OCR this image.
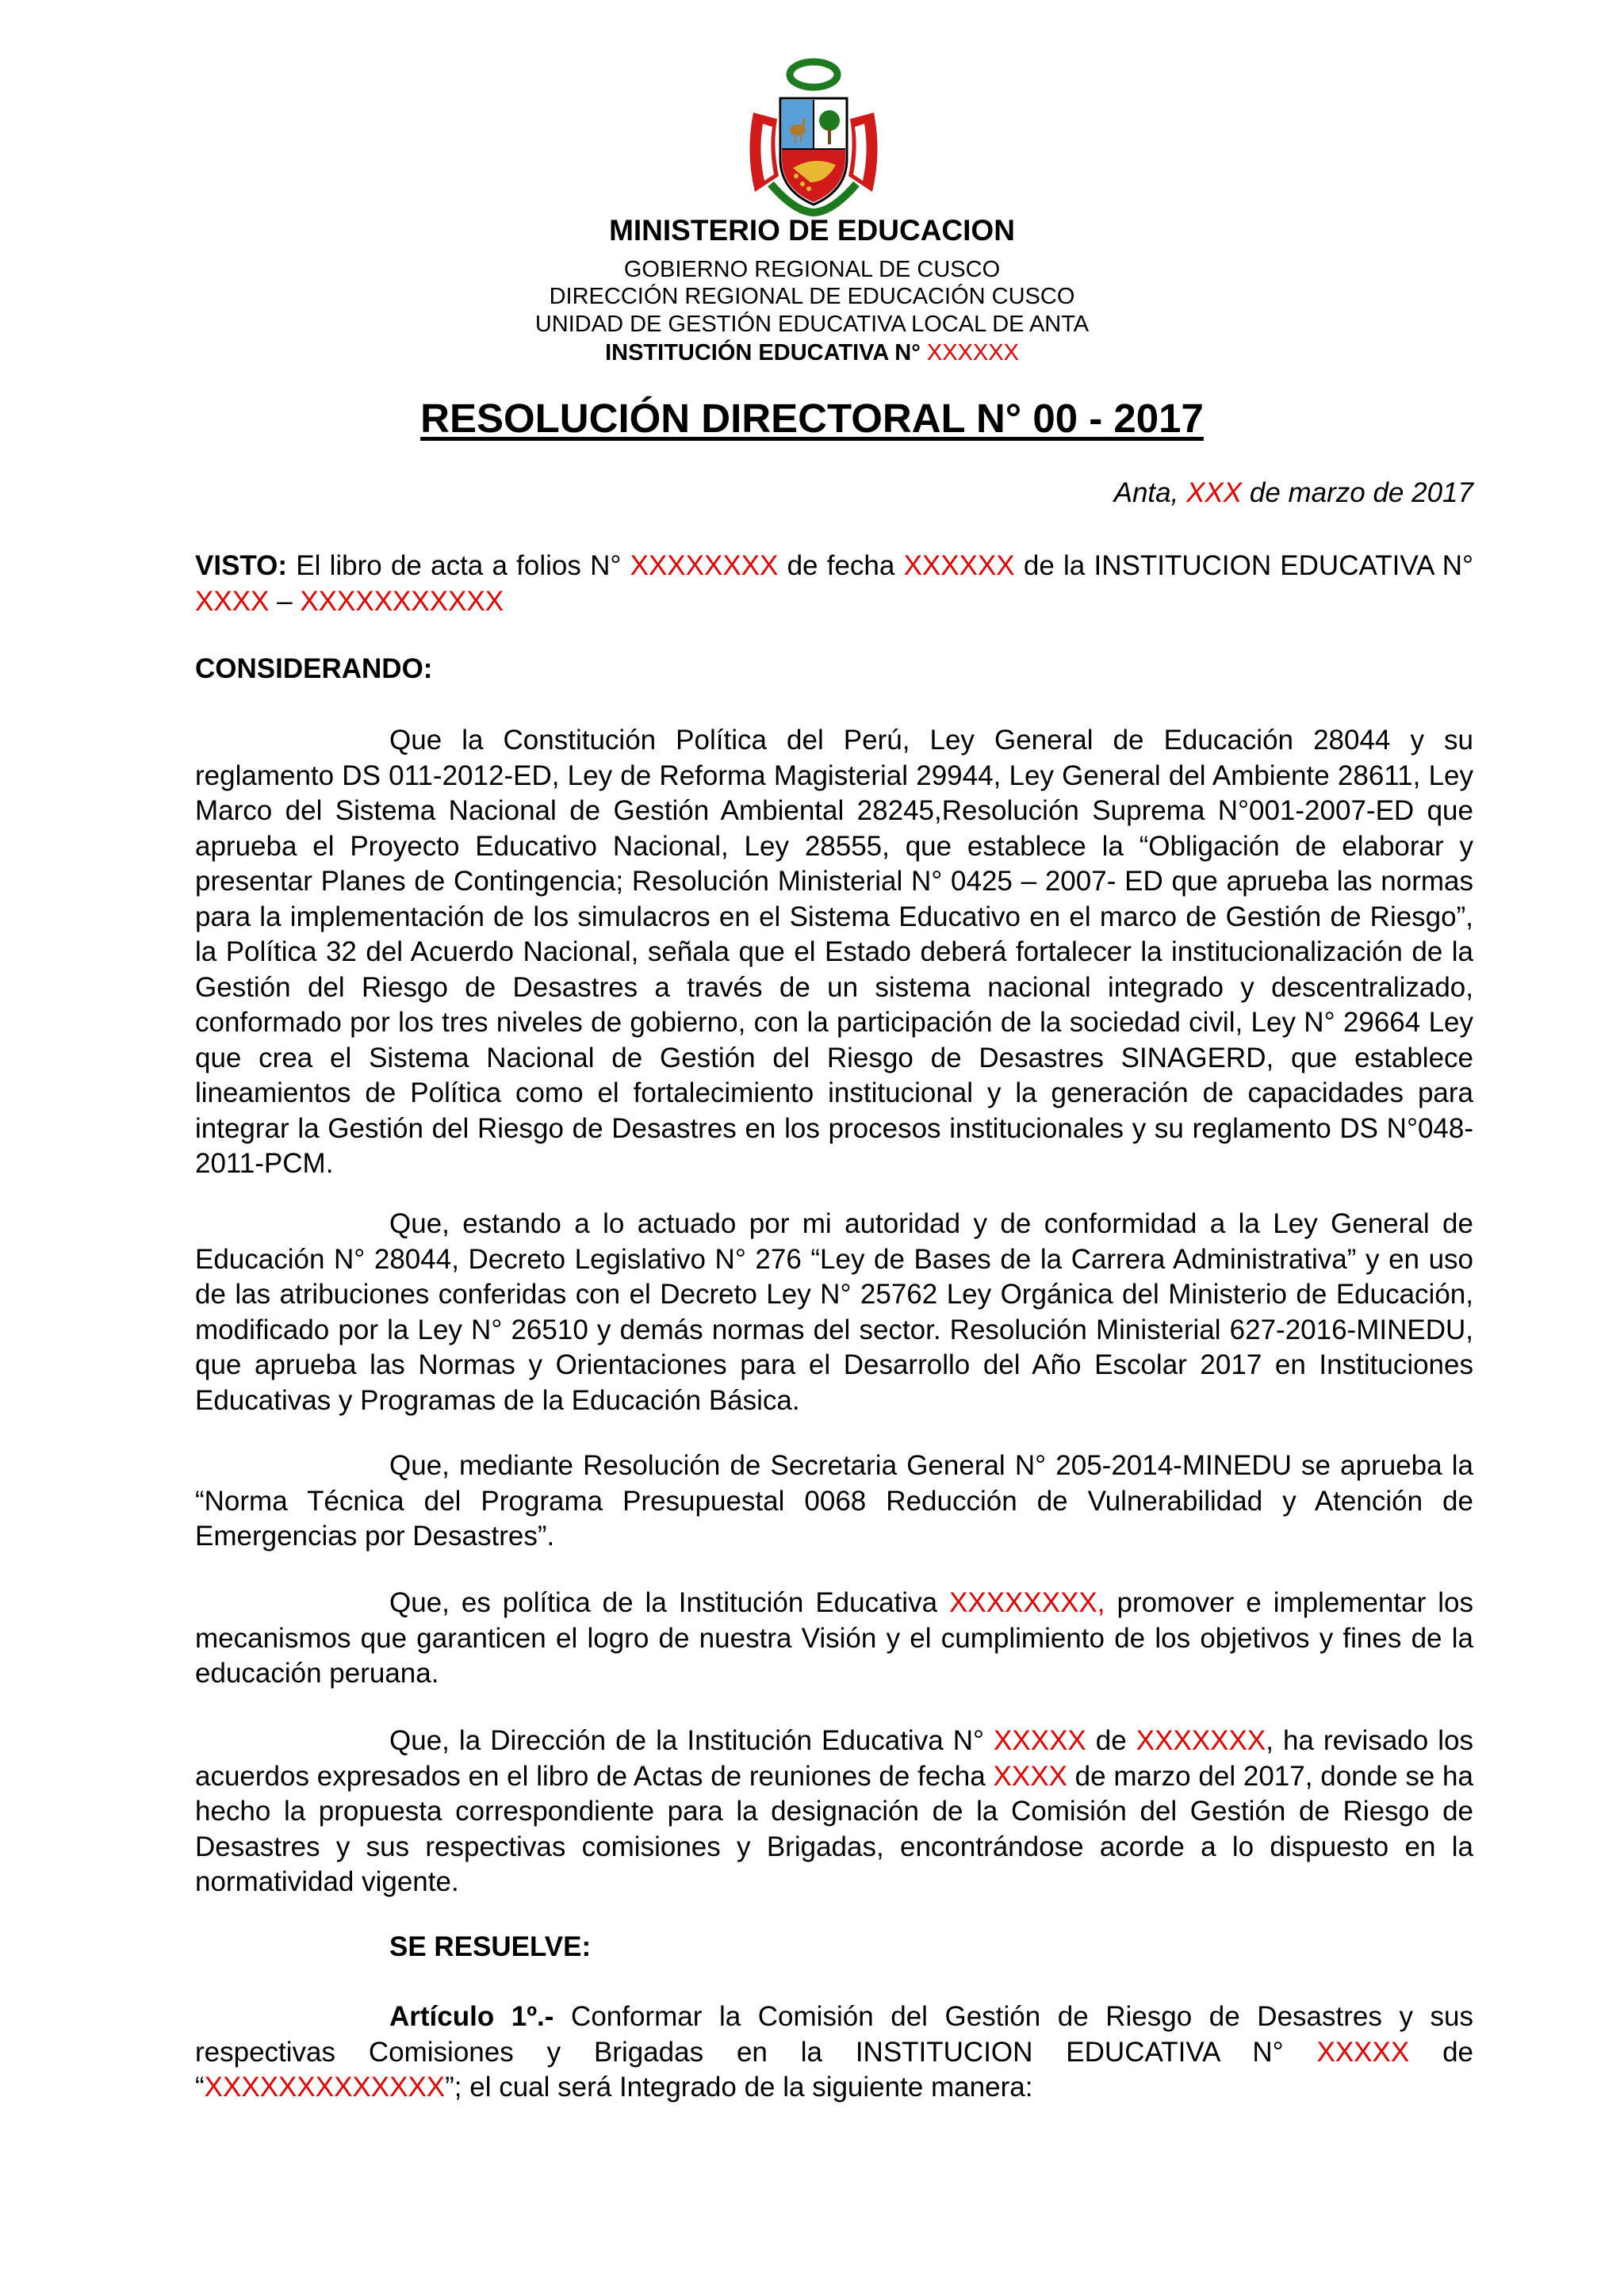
MINISTERIO DE EDUCACION
GOBIERNO REGIONAL DE CUSCO
DIRECCIÓN REGIONAL DE EDUCACIÓN CUSCO
UNIDAD DE GESTIÓN EDUCATIVA LOCAL DE ANTA
INSTITUCIÓN EDUCATIVA N° XXXXXX
RESOLUCIÓN DIRECTORAL N° 00 - 2017
Anta, XXX de marzo de 2017

VISTO: El libro de acta a folios N° XXXXXXXX de fecha XXXXXX de la INSTITUCION EDUCATIVA N° XXXX – XXXXXXXXXXX

CONSIDERANDO:

Que la Constitución Política del Perú, Ley General de Educación 28044 y su reglamento DS 011-2012-ED, Ley de Reforma Magisterial 29944, Ley General del Ambiente 28611, Ley Marco del Sistema Nacional de Gestión Ambiental 28245,Resolución Suprema N°001-2007-ED que aprueba el Proyecto Educativo Nacional, Ley 28555, que establece la “Obligación de elaborar y presentar Planes de Contingencia; Resolución Ministerial N° 0425 – 2007- ED que aprueba las normas para la implementación de los simulacros en el Sistema Educativo en el marco de Gestión de Riesgo”, la Política 32 del Acuerdo Nacional, señala que el Estado deberá fortalecer la institucionalización de la Gestión del Riesgo de Desastres a través de un sistema nacional integrado y descentralizado, conformado por los tres niveles de gobierno, con la participación de la sociedad civil, Ley N° 29664 Ley que crea el Sistema Nacional de Gestión del Riesgo de Desastres SINAGERD, que establece lineamientos de Política como el fortalecimiento institucional y la generación de capacidades para integrar la Gestión del Riesgo de Desastres en los procesos institucionales y su reglamento DS N°048-2011-PCM.

Que, estando a lo actuado por mi autoridad y de conformidad a la Ley General de Educación N° 28044, Decreto Legislativo N° 276 “Ley de Bases de la Carrera Administrativa” y en uso de las atribuciones conferidas con el Decreto Ley N° 25762 Ley Orgánica del Ministerio de Educación, modificado por la Ley N° 26510 y demás normas del sector. Resolución Ministerial 627-2016-MINEDU, que aprueba las Normas y Orientaciones para el Desarrollo del Año Escolar 2017 en Instituciones Educativas y Programas de la Educación Básica.

Que, mediante Resolución de Secretaria General N° 205-2014-MINEDU se aprueba la “Norma Técnica del Programa Presupuestal 0068 Reducción de Vulnerabilidad y Atención de Emergencias por Desastres”.

Que, es política de la Institución Educativa XXXXXXXX, promover e implementar los mecanismos que garanticen el logro de nuestra Visión y el cumplimiento de los objetivos y fines de la educación peruana.

Que, la Dirección de la Institución Educativa N° XXXXX de XXXXXXX, ha revisado los acuerdos expresados en el libro de Actas de reuniones de fecha XXXX de marzo del 2017, donde se ha hecho la propuesta correspondiente para la designación de la Comisión del Gestión de Riesgo de Desastres y sus respectivas comisiones y Brigadas, encontrándose acorde a lo dispuesto en la normatividad vigente.

SE RESUELVE:

Artículo 1º.- Conformar la Comisión del Gestión de Riesgo de Desastres y sus respectivas Comisiones y Brigadas en la INSTITUCION EDUCATIVA N° XXXXX de “XXXXXXXXXXXXX”; el cual será Integrado de la siguiente manera:
